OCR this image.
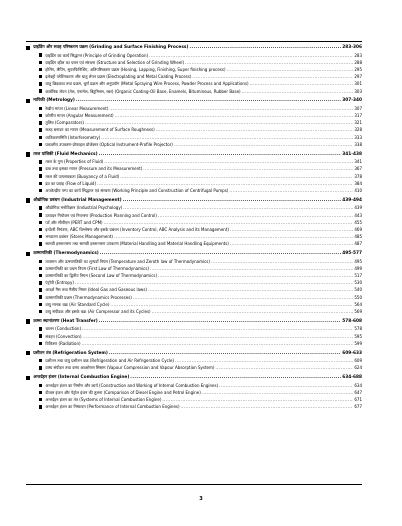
ग्राइंडिंग और सतह परिष्करण प्रक्रम (Grinding and Surface Finishing Process) .....	283-306
ग्राइंडिंग का कार्य सिद्धान्त (Principle of Grinding Operation) .....	283
ग्राइंडिंग व्हील का चयन एवं संरचना (Structure and Selection of Grinding Wheel) .....	288
होनिंग, लैपिंग, सुपरफिनिशिंग, अतिपरिष्करण प्रक्रम (Honing, Lapping, Finishing, Super finishing process) .....	295
इलेक्ट्रो प्लेटिंगकरण और धातु लेपन प्रक्रम (Electroplating and Metal Coating Process) .....	297
धातु छिड़काव तथा प्रक्रम, चूर्ण प्रक्रम और अनुप्रयोग (Metal Spraying Wire Process, Powder Process and Applications) .....	301
कार्बनिक लेपन (तेल, एनामेल, बिटुमिनस, रबर) (Organic Coating-Oil Base, Enamels, Bituminous, Rubber Base) .....	303
मापिकी (Metrology) .....	307-340
रेखीय मापन (Linear Measurement) .....	307
कोणीय मापन (Angular Measurement) .....	317
तुलित्र (Comparators) .....	321
सतह बनावट का मापन (Measurement of Surface Roughness) .....	328
व्यतिकरणमिति (Interferometry) .....	333
प्रकाशीय उपकरण-प्रोफाइल प्रोजेक्टर (Optical Instrument-Profile Projector) .....	338
तरल यांत्रिकी (Fluid Mechanics) .....	341-438
तरल के गुण (Properties of Fluid) .....	341
दाब तथा इसका मापन (Pressure and its Measurement) .....	367
तरल की उत्प्लावकता (Buoyancy of a Fluid) .....	378
द्रव का प्रवाह (Flow of Liquid) .....	384
अपकेन्द्रीय पम्प का कार्य सिद्धान्त एवं संरचना (Working Principle and Construction of Centrifugal Pumps) .....	410
औद्योगिक प्रबंधन (Industrial Management) .....	439-494
औद्योगिक मनोविज्ञान (Industrial Psychology) .....	439
उत्पादन नियोजन एवं नियन्त्रण (Production Planning and Control) .....	443
पर्ट और सीपीएम (PERT and CPM) .....	455
इन्वेंटरी नियंत्रण, ABC विश्लेषण और इसके प्रबंधन (Inventory Control, ABC Analysis and its Management) .....	469
भण्डारण प्रबंधन (Stores Management) .....	485
सामग्री हस्तान्तरण तथा सामग्री हस्तान्तरण उपकरण (Material Handling and Material Handling Equipments) .....	487
ऊष्मागतिकी (Thermodynamics) .....	495-577
तापमान और ऊष्मागतिकी का शून्यवाँ नियम (Temperature and Zeroth law of Thermodynamics) .....	495
ऊष्मागतिकी का प्रथम नियम (First Law of Thermodynamics) .....	499
ऊष्मागतिकी का द्वितीय नियम (Second Law of Thermodynamics) .....	517
एंट्रॉपी (Entropy) .....	530
आदर्श गैस तथा गैसीय नियम (Ideal Gas and Gaseous laws) .....	540
ऊष्मागतिकी प्रक्रम (Thermodynamics Processes) .....	550
वायु मानक चक्र (Air Standard Cycle) .....	564
वायु संपीडक और इसके चक्र (Air Compressor and its Cycles) .....	569
ऊष्मा स्थानांतरण (Heat Transfer) .....	578-608
चालन (Conduction) .....	578
संवहन (Convection) .....	595
विकिरण (Radiation) .....	599
प्रशीतन तंत्र (Refrigeration System) .....	609-633
प्रशीतन तथा वायु प्रशीतन चक्र (Refrigeration and Air Refrigeration Cycle) .....	609
वाष्प संपीडन तथा वाष्प अवशोषण सिस्टम (Vapour Compression and Vapour Absorption System) .....	624
अन्तर्दहन इंजन (Internal Combustion Engine) .....	634-688
अन्तर्दहन इंजन का निर्माण और कार्य (Construction and Working of Internal Combustion Engines) .....	634
डीजल इंजन और पेट्रोल इंजन की तुलना (Comparison of Diesel Engine and Petrol Engine) .....	647
अन्तर्दहन इंजन का तंत्र (Systems of Internal Combustion Engine) .....	671
अन्तर्दहन इंजन का निष्पादन (Performance of Internal Combustion Engines) .....	677
3
